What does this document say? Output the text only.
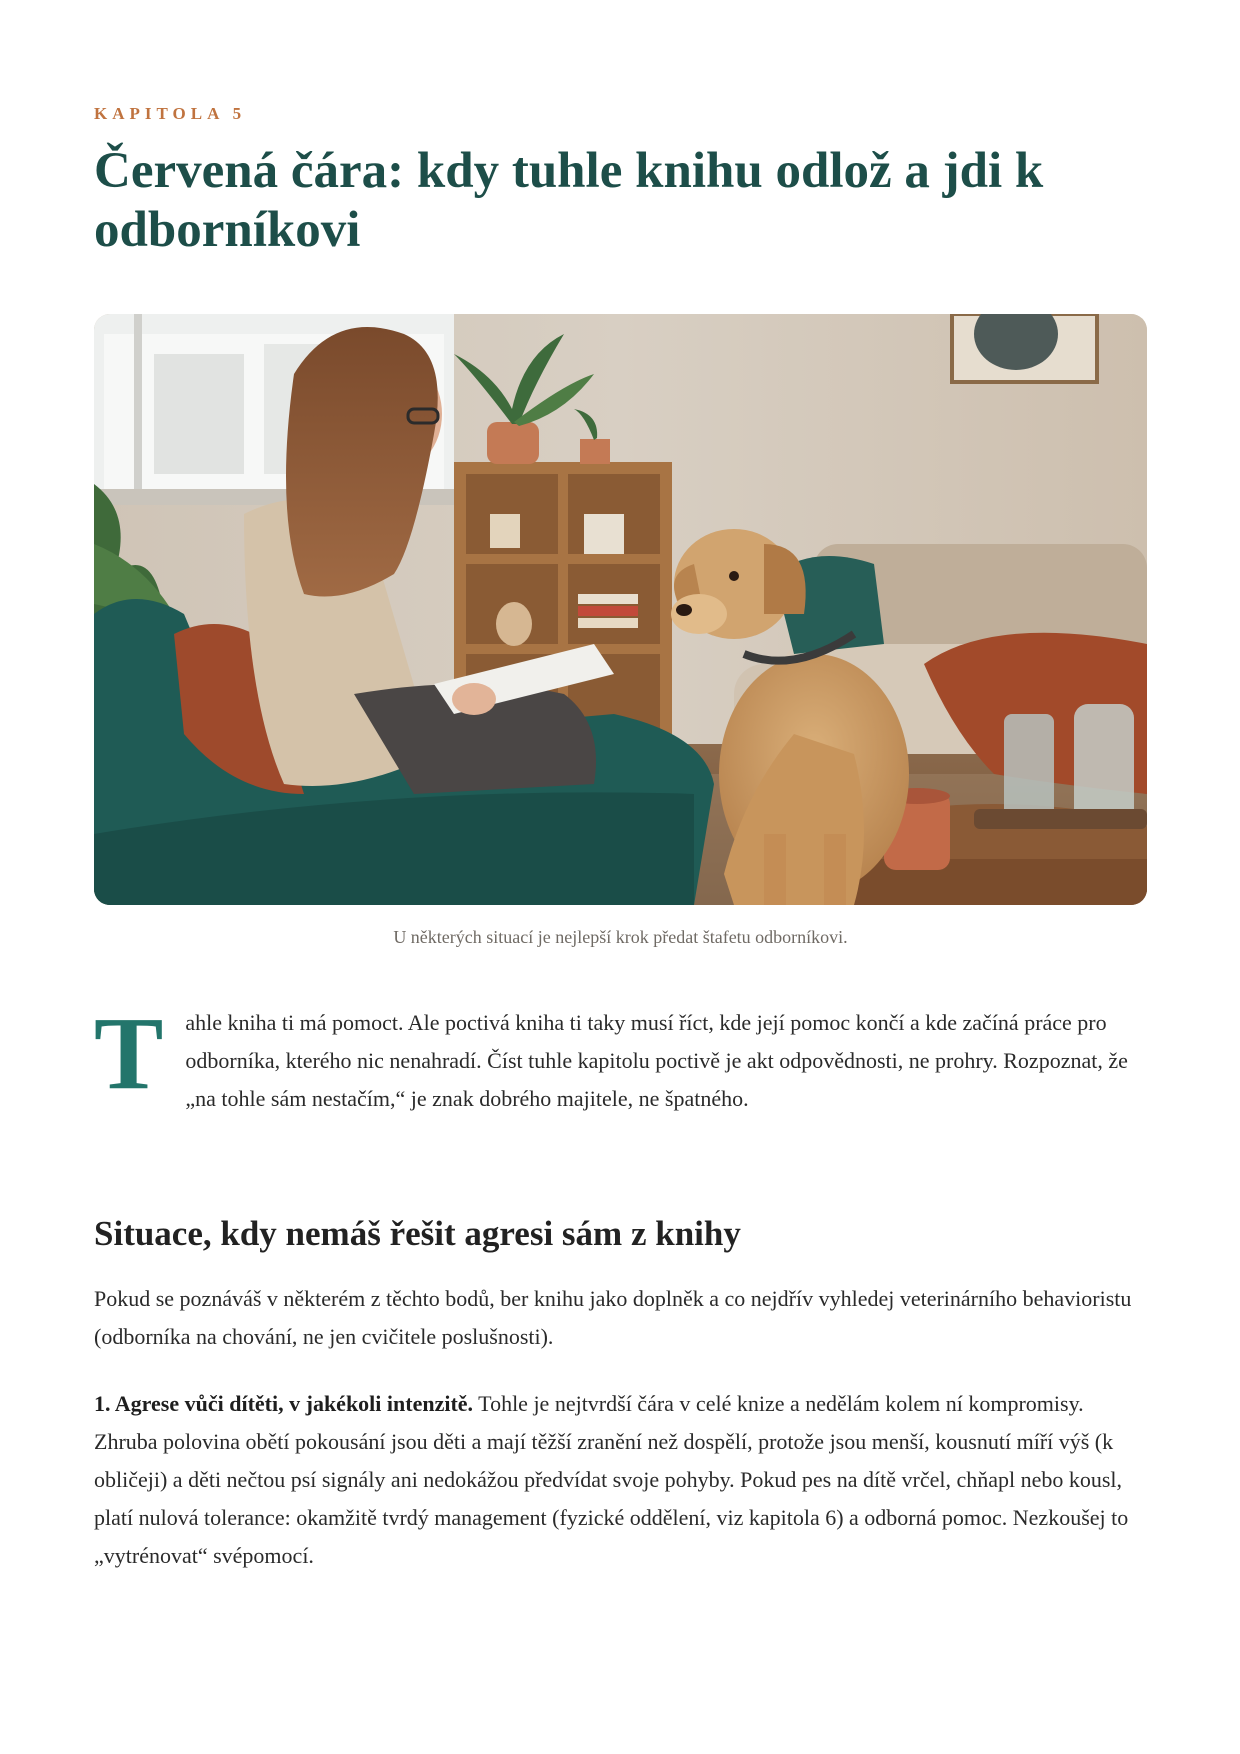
KAPITOLA 5
Červená čára: kdy tuhle knihu odlož a jdi k odborníkovi
U některých situací je nejlepší krok předat štafetu odborníkovi.
T	ahle kniha ti má pomoct. Ale poctivá kniha ti taky musí říct, kde její pomoc končí a kde začíná práce pro odborníka, kterého nic nenahradí. Číst tuhle kapitolu poctivě je akt odpovědnosti, ne prohry. Rozpoznat, že „na tohle sám nestačím,“ je znak dobrého majitele, ne špatného.

Situace, kdy nemáš řešit agresi sám z knihy

Pokud se poznáváš v některém z těchto bodů, ber knihu jako doplněk a co nejdřív vyhledej veterinárního behavioristu (odborníka na chování, ne jen cvičitele poslušnosti).

1. Agrese vůči dítěti, v jakékoli intenzitě. Tohle je nejtvrdší čára v celé knize a nedělám kolem ní kompromisy. Zhruba polovina obětí pokousání jsou děti a mají těžší zranění než dospělí, protože jsou menší, kousnutí míří výš (k obličeji) a děti nečtou psí signály ani nedokážou předvídat svoje pohyby. Pokud pes na dítě vrčel, chňapl nebo kousl, platí nulová tolerance: okamžitě tvrdý management (fyzické oddělení, viz kapitola 6) a odborná pomoc. Nezkoušej to „vytrénovat“ svépomocí.
